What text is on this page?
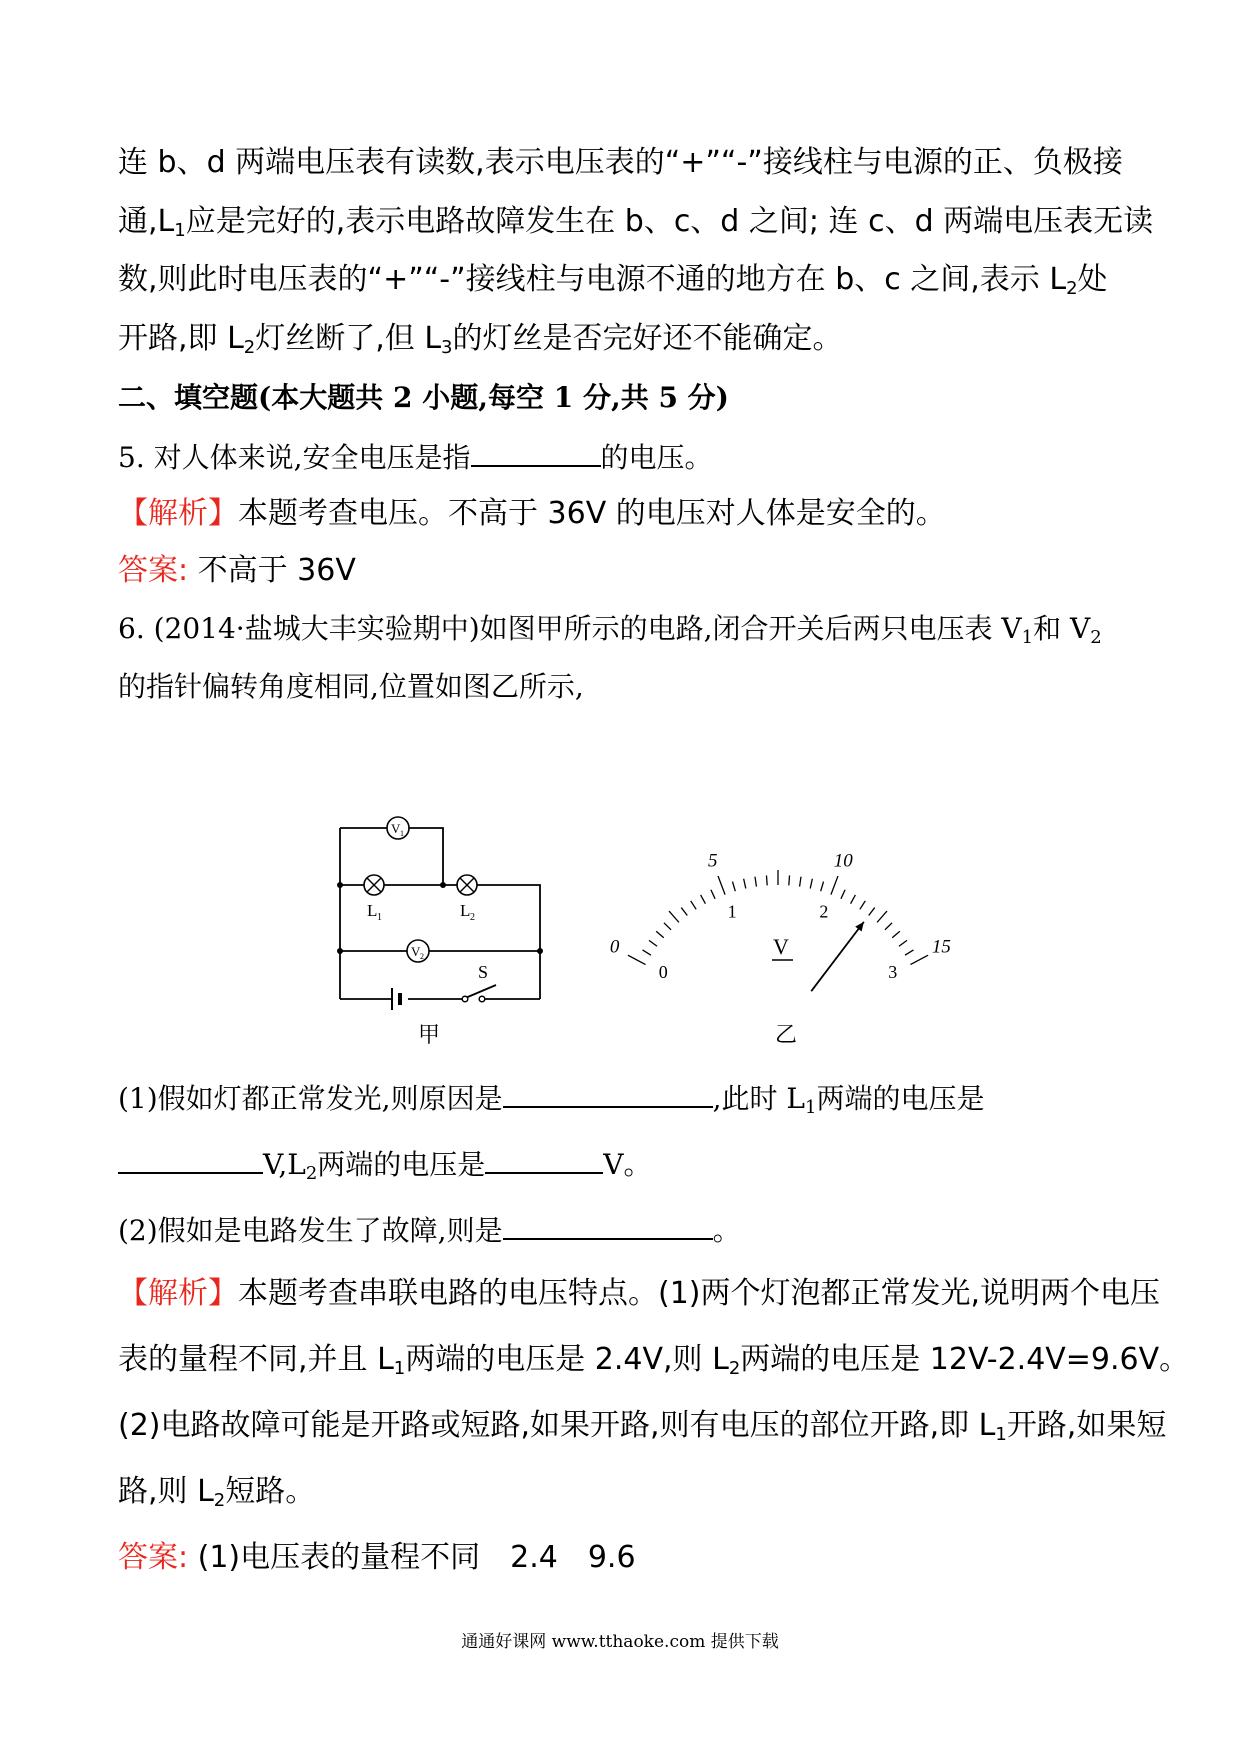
连 b、d 两端电压表有读数,表示电压表的“+”“-”接线柱与电源的正、负极接
通$,L_1$应是完好的,表示电路故障发生在 b、c、d 之间; 连 c、d 两端电压表无读
数,则此时电压表的“+”“-”接线柱与电源不通的地方在 b、c 之间,表示 $L_2$处
开路,即 $L_2$灯丝断了,但 $L_3$的灯丝是否完好还不能确定。
二、填空题(本大题共 2 小题,每空 1 分,共 5 分)
5. 对人体来说,安全电压是指	的电压。
【解析】本题考查电压。不高于 36V 的电压对人体是安全的。
答案: 不高于 36V
6. (2014·盐城大丰实验期中)如图甲所示的电路,闭合开关后两只电压表 $V_1$和 $V_2$
的指针偏转角度相同,位置如图乙所示,
V 1
V 2
L 1	L 2
S
甲
0
5	10
15
0
1	2
3
V
乙
(1)假如灯都正常发光,则原因是	,此时 $L_1$两端的电压是
$V,L_2$两端的电压是	V。
(2)假如是电路发生了故障,则是	。
【解析】本题考查串联电路的电压特点。(1)两个灯泡都正常发光,说明两个电压
表的量程不同,并且 $L_1$两端的电压是 2.4V,则 $L_2$两端的电压是 12V-2.4V=9.6V。
(2)电路故障可能是开路或短路,如果开路,则有电压的部位开路,即 $L_1$开路,如果短
路,则 $L_2$短路。
答案: (1)电压表的量程不同　2.4　9.6
通通好课网 www.tthaoke.com 提供下载
